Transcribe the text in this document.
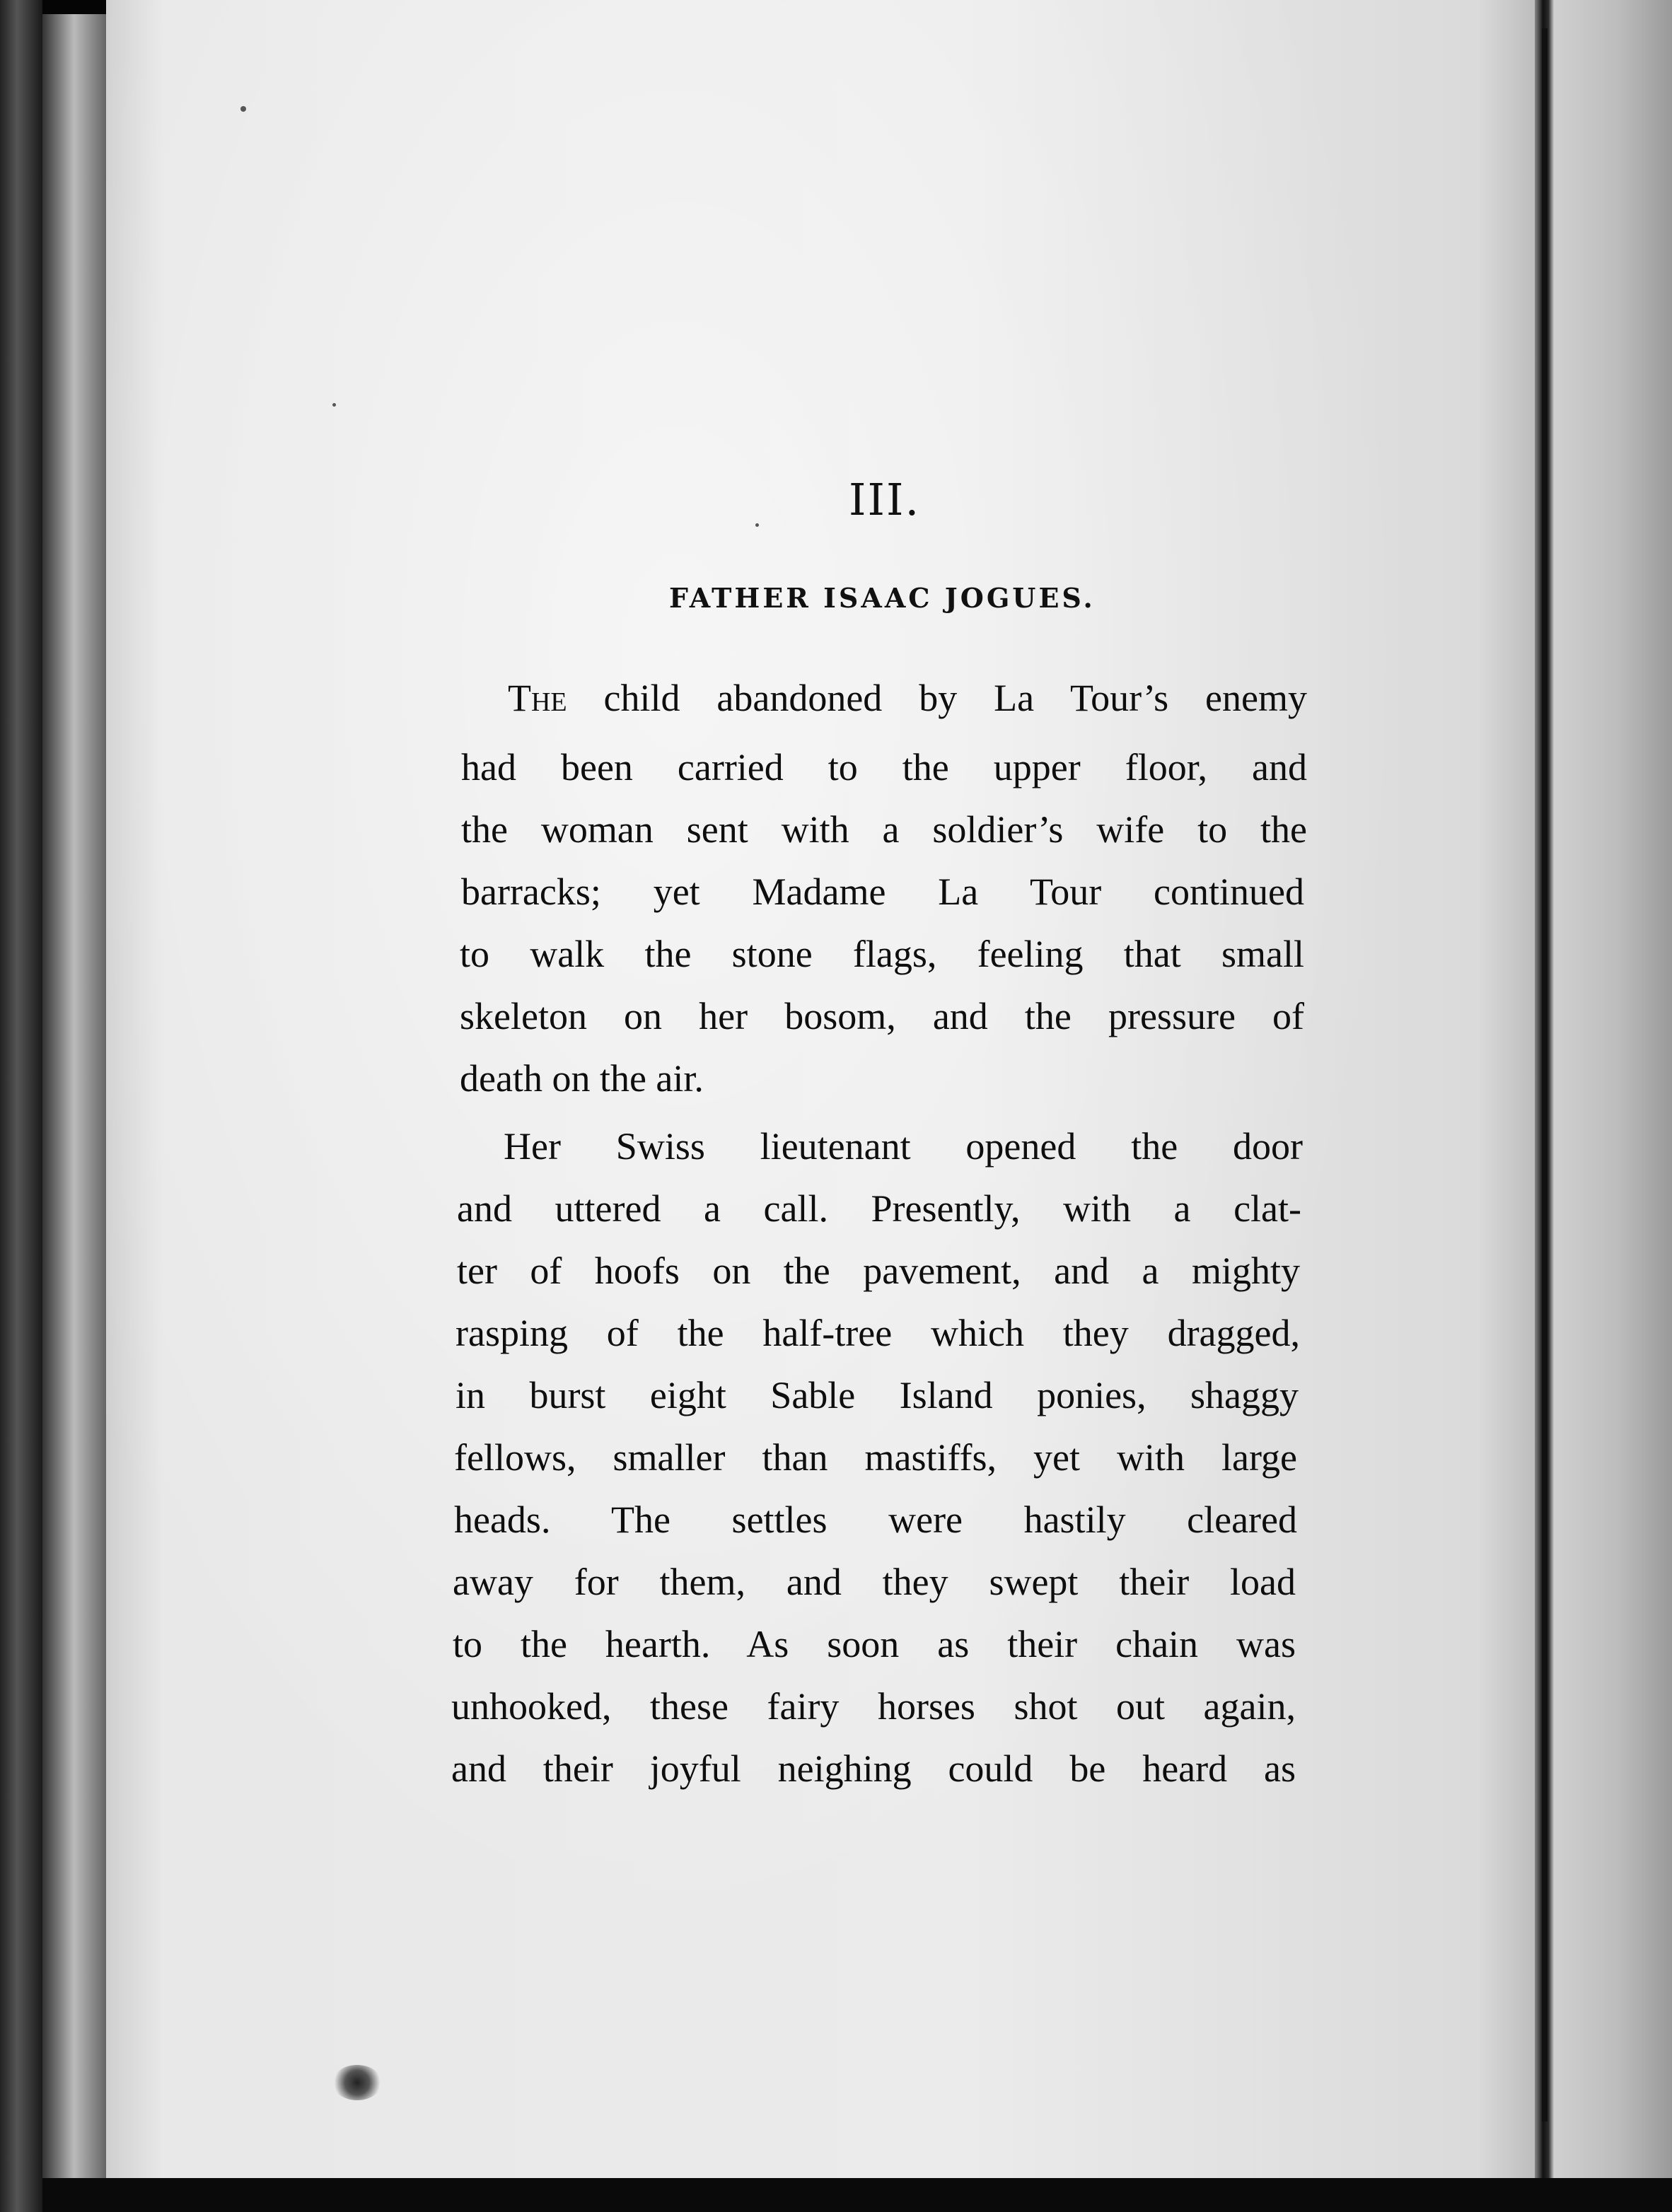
III.
FATHER ISAAC JOGUES.
The child abandoned by La Tour’s enemy
had been carried to the upper floor, and
the woman sent with a soldier’s wife to the
barracks; yet Madame La Tour continued
to walk the stone flags, feeling that small
skeleton on her bosom, and the pressure of
death on the air.
Her Swiss lieutenant opened the door
and uttered a call. Presently, with a clat-
ter of hoofs on the pavement, and a mighty
rasping of the half-tree which they dragged,
in burst eight Sable Island ponies, shaggy
fellows, smaller than mastiffs, yet with large
heads. The settles were hastily cleared
away for them, and they swept their load
to the hearth. As soon as their chain was
unhooked, these fairy horses shot out again,
and their joyful neighing could be heard as
